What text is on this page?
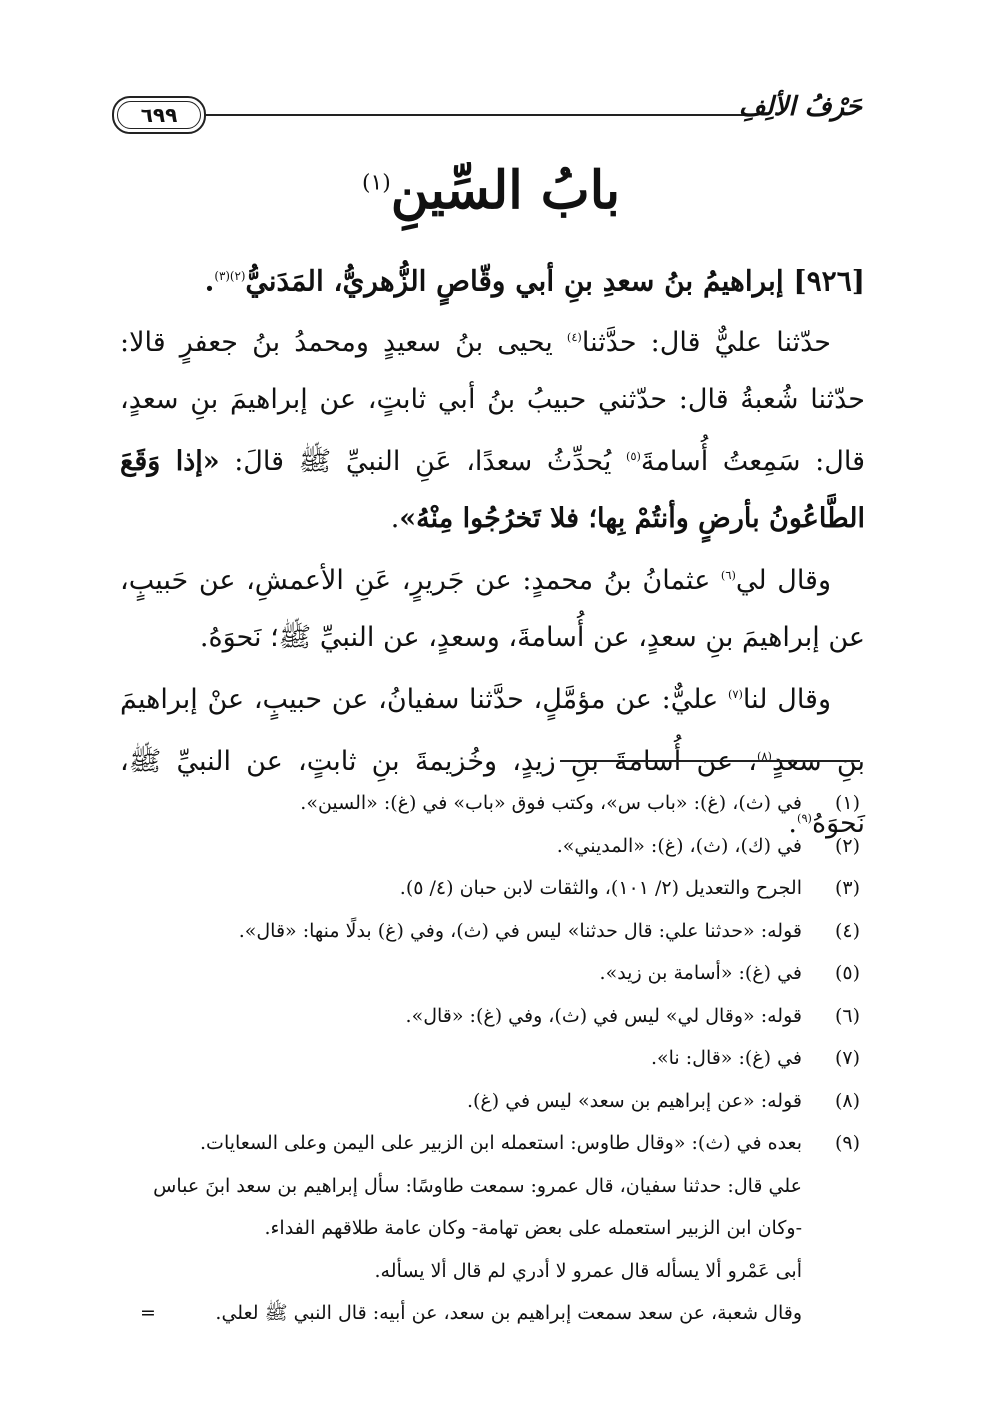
٦٩٩	حَرْفُ الألِفِ
بابُ السِّينِ$^{(١)}$

[٩٢٦] إبراهيمُ بنُ سعدِ بنِ أبي وقّاصٍ الزُّهريُّ، المَدَنيُّ$^{(٢)(٣)}$.

حدّثنا عليٌّ قال: حدَّثنا$^{(٤)}$ يحيى بنُ سعيدٍ ومحمدُ بنُ جعفرٍ قالا: حدّثنا شُعبةُ قال: حدّثني حبيبُ بنُ أبي ثابتٍ، عن إبراهيمَ بنِ سعدٍ، قال: سَمِعتُ أُسامةَ$^{(٥)}$ يُحدِّثُ سعدًا، عَنِ النبيِّ ﷺ قالَ: «إذا وَقَعَ الطَّاعُونُ بأرضٍ وأنتُمْ بِها؛ فلا تَخرُجُوا مِنْهُ».

وقال لي$^{(٦)}$ عثمانُ بنُ محمدٍ: عن جَريرٍ، عَنِ الأعمشِ، عن حَبيبٍ، عن إبراهيمَ بنِ سعدٍ، عن أُسامةَ، وسعدٍ، عن النبيِّ ﷺ؛ نَحوَهُ.

وقال لنا$^{(٧)}$ عليٌّ: عن مؤمَّلٍ، حدَّثنا سفيانُ، عن حبيبٍ، عنْ إبراهيمَ بنِ سعدٍ$^{(٨)}$، عن أُسامةَ بنِ زيدٍ، وخُزيمةَ بنِ ثابتٍ، عن النبيِّ ﷺ، نَحوَهُ$^{(٩)}$.

(١)
في (ث)، (غ): «باب س»، وكتب فوق «باب» في (غ): «السين».
(٢)
في (ك)، (ث)، (غ): «المديني».
(٣)
الجرح والتعديل (٢/ ١٠١)، والثقات لابن حبان (٤/ ٥).
(٤)
قوله: «حدثنا علي: قال حدثنا» ليس في (ث)، وفي (غ) بدلًا منها: «قال».
(٥)
في (غ): «أسامة بن زيد».
(٦)
قوله: «وقال لي» ليس في (ث)، وفي (غ): «قال».
(٧)
في (غ): «قال: نا».
(٨)
قوله: «عن إبراهيم بن سعد» ليس في (غ).
(٩)
بعده في (ث): «وقال طاوس: استعمله ابن الزبير على اليمن وعلى السعايات.
علي قال: حدثنا سفيان، قال عمرو: سمعت طاوسًا: سأل إبراهيم بن سعد ابنَ عباس
-وكان ابن الزبير استعمله على بعض تهامة- وكان عامة طلاقهم الفداء.
أبى عَمْرو ألا يسأله قال عمرو لا أدري لم قال ألا يسأله.
وقال شعبة، عن سعد سمعت إبراهيم بن سعد، عن أبيه: قال النبي ﷺ لعلي.
=
